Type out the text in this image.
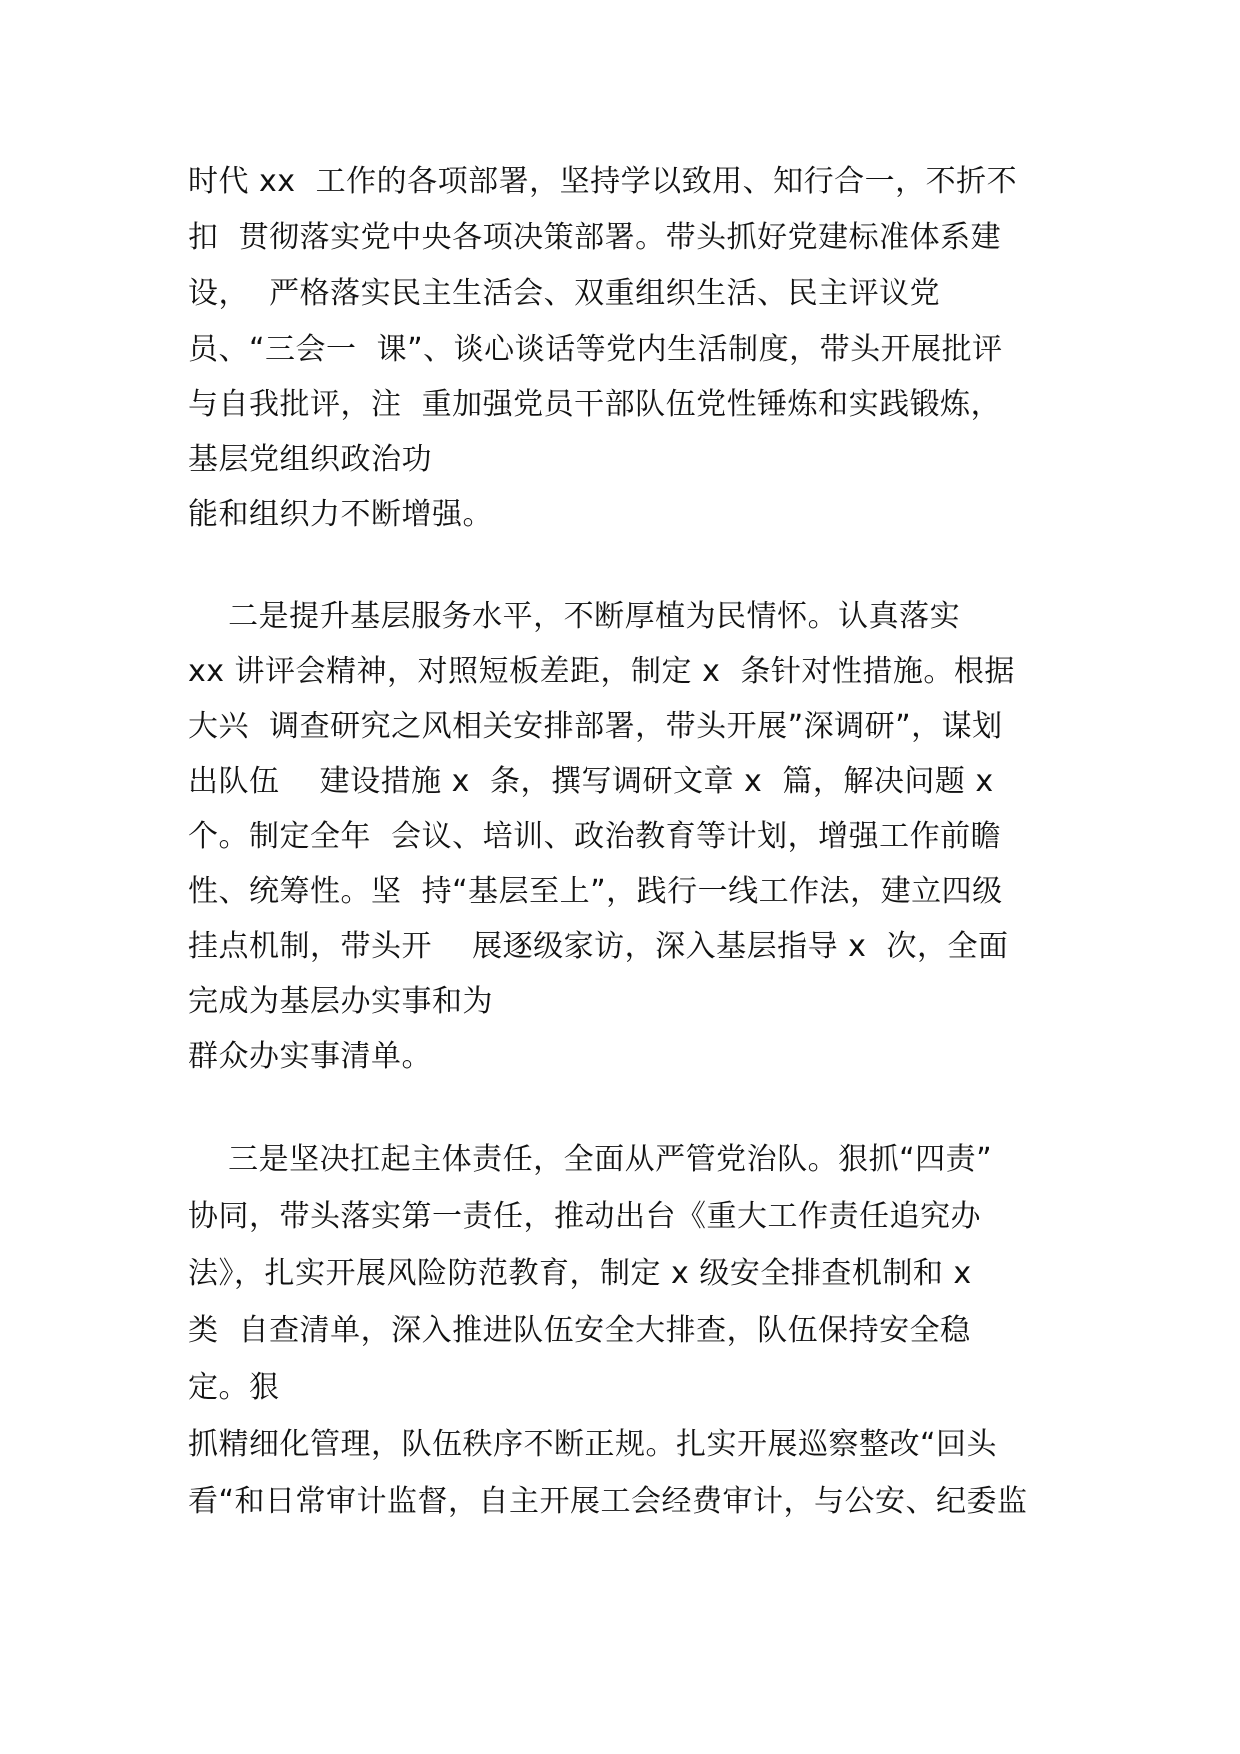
时代 xx  工作的各项部署，坚持学以致用、知行合一，不折不
扣  贯彻落实党中央各项决策部署。带头抓好党建标准体系建
设，  严格落实民主生活会、双重组织生活、民主评议党
员、“三会一  课”、谈心谈话等党内生活制度，带头开展批评
与自我批评，注  重加强党员干部队伍党性锤炼和实践锻炼，
基层党组织政治功
能和组织力不断增强。
二是提升基层服务水平，不断厚植为民情怀。认真落实
xx 讲评会精神，对照短板差距，制定 x  条针对性措施。根据
大兴  调查研究之风相关安排部署，带头开展”深调研”，谋划
出队伍    建设措施 x  条，撰写调研文章 x  篇，解决问题 x
个。制定全年  会议、培训、政治教育等计划，增强工作前瞻
性、统筹性。坚  持“基层至上”，践行一线工作法，建立四级
挂点机制，带头开    展逐级家访，深入基层指导 x  次，全面
完成为基层办实事和为
群众办实事清单。
三是坚决扛起主体责任，全面从严管党治队。狠抓“四责”
协同，带头落实第一责任，推动出台《重大工作责任追究办
法》，扎实开展风险防范教育，制定 x 级安全排查机制和 x
类  自查清单，深入推进队伍安全大排查，队伍保持安全稳
定。狠
抓精细化管理，队伍秩序不断正规。扎实开展巡察整改“回头
看“和日常审计监督，自主开展工会经费审计，与公安、纪委监
